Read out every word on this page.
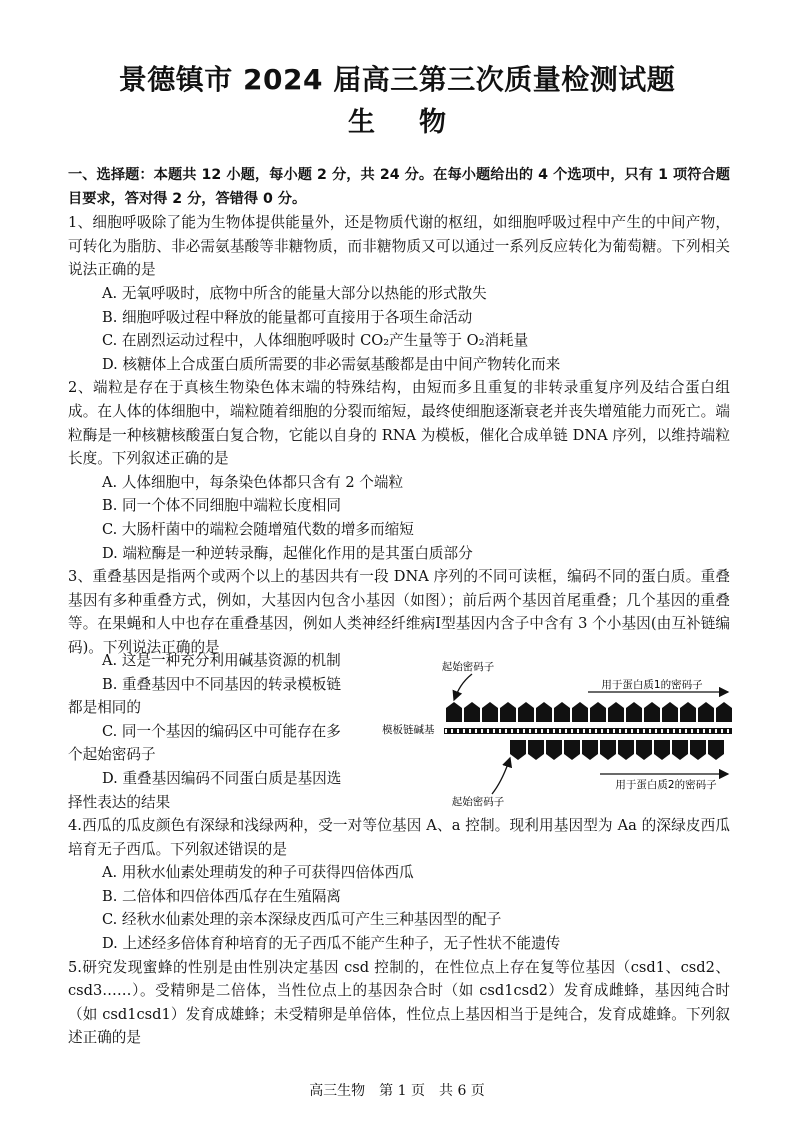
景德镇市 2024 届高三第三次质量检测试题
生物

一、选择题：本题共 12 小题，每小题 2 分，共 24 分。在每小题给出的 4 个选项中，只有 1 项符合题目要求，答对得 2 分，答错得 0 分。

1、细胞呼吸除了能为生物体提供能量外，还是物质代谢的枢纽，如细胞呼吸过程中产生的中间产物，可转化为脂肪、非必需氨基酸等非糖物质，而非糖物质又可以通过一系列反应转化为葡萄糖。下列相关说法正确的是

A. 无氧呼吸时，底物中所含的能量大部分以热能的形式散失

B. 细胞呼吸过程中释放的能量都可直接用于各项生命活动

C. 在剧烈运动过程中，人体细胞呼吸时 CO₂产生量等于 O₂消耗量

D. 核糖体上合成蛋白质所需要的非必需氨基酸都是由中间产物转化而来

2、端粒是存在于真核生物染色体末端的特殊结构，由短而多且重复的非转录重复序列及结合蛋白组成。在人体的体细胞中，端粒随着细胞的分裂而缩短，最终使细胞逐渐衰老并丧失增殖能力而死亡。端粒酶是一种核糖核酸蛋白复合物，它能以自身的 RNA 为模板，催化合成单链 DNA 序列，以维持端粒长度。下列叙述正确的是

A. 人体细胞中，每条染色体都只含有 2 个端粒

B. 同一个体不同细胞中端粒长度相同

C. 大肠杆菌中的端粒会随增殖代数的增多而缩短

D. 端粒酶是一种逆转录酶，起催化作用的是其蛋白质部分

3、重叠基因是指两个或两个以上的基因共有一段 DNA 序列的不同可读框，编码不同的蛋白质。重叠基因有多种重叠方式，例如，大基因内包含小基因（如图）；前后两个基因首尾重叠；几个基因的重叠等。在果蝇和人中也存在重叠基因，例如人类神经纤维病Ⅰ型基因内含子中含有 3 个小基因(由互补链编码)。下列说法正确的是

A. 这是一种充分利用碱基资源的机制

B. 重叠基因中不同基因的转录模板链

都是相同的

C. 同一个基因的编码区中可能存在多

个起始密码子

D. 重叠基因编码不同蛋白质是基因选

择性表达的结果

起始密码子
用于蛋白质1的密码子
模板链碱基
起始密码子
用于蛋白质2的密码子

4.西瓜的瓜皮颜色有深绿和浅绿两种，受一对等位基因 A、a 控制。现利用基因型为 Aa 的深绿皮西瓜培育无子西瓜。下列叙述错误的是

A. 用秋水仙素处理萌发的种子可获得四倍体西瓜

B. 二倍体和四倍体西瓜存在生殖隔离

C. 经秋水仙素处理的亲本深绿皮西瓜可产生三种基因型的配子

D. 上述经多倍体育种培育的无子西瓜不能产生种子，无子性状不能遗传

5.研究发现蜜蜂的性别是由性别决定基因 csd 控制的，在性位点上存在复等位基因（csd1、csd2、csd3……）。受精卵是二倍体，当性位点上的基因杂合时（如 csd1csd2）发育成雌蜂，基因纯合时（如 csd1csd1）发育成雄蜂；未受精卵是单倍体，性位点上基因相当于是纯合，发育成雄蜂。下列叙述正确的是

高三生物　第 1 页　共 6 页
